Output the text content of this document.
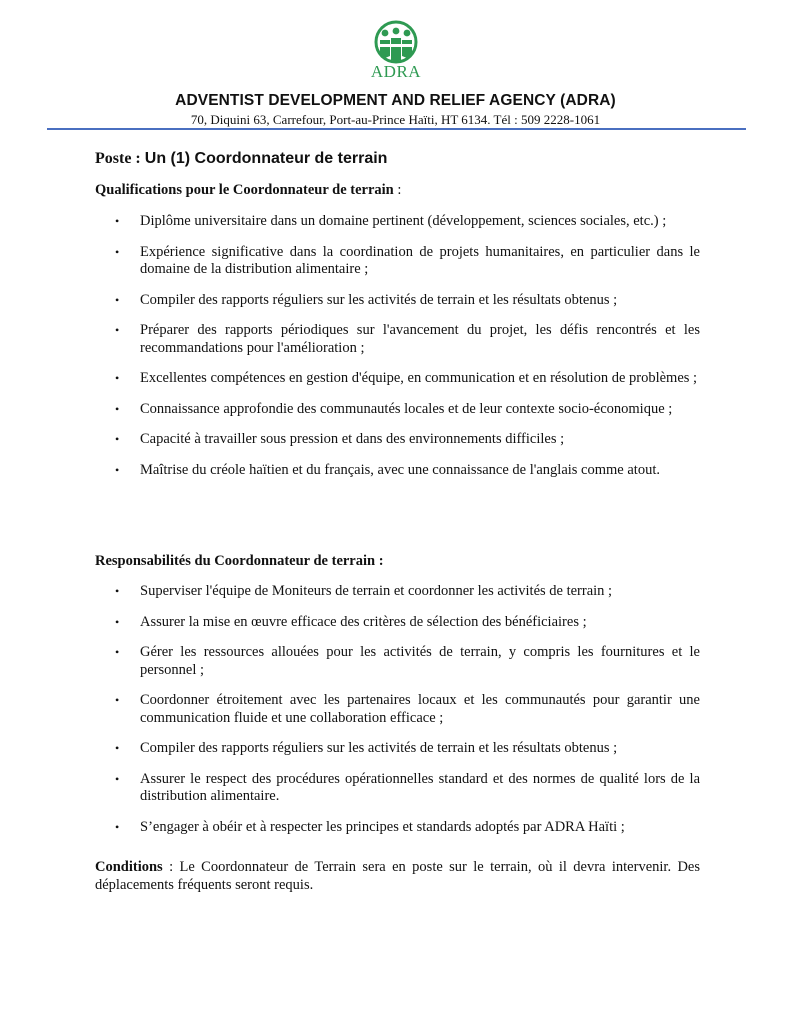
ADRA
ADVENTIST DEVELOPMENT AND RELIEF AGENCY (ADRA)
70, Diquini 63, Carrefour, Port-au-Prince Haïti, HT 6134. Tél : 509 2228-1061
Poste : Un (1) Coordonnateur de terrain
Qualifications pour le Coordonnateur de terrain :
• Diplôme universitaire dans un domaine pertinent (développement, sciences sociales, etc.) ;
• Expérience significative dans la coordination de projets humanitaires, en particulier dans le domaine de la distribution alimentaire ;
• Compiler des rapports réguliers sur les activités de terrain et les résultats obtenus ;
• Préparer des rapports périodiques sur l'avancement du projet, les défis rencontrés et les recommandations pour l'amélioration ;
• Excellentes compétences en gestion d'équipe, en communication et en résolution de problèmes ;
• Connaissance approfondie des communautés locales et de leur contexte socio-économique ;
• Capacité à travailler sous pression et dans des environnements difficiles ;
• Maîtrise du créole haïtien et du français, avec une connaissance de l'anglais comme atout.
Responsabilités du Coordonnateur de terrain :
• Superviser l'équipe de Moniteurs de terrain et coordonner les activités de terrain ;
• Assurer la mise en œuvre efficace des critères de sélection des bénéficiaires ;
• Gérer les ressources allouées pour les activités de terrain, y compris les fournitures et le personnel ;
• Coordonner étroitement avec les partenaires locaux et les communautés pour garantir une communication fluide et une collaboration efficace ;
• Compiler des rapports réguliers sur les activités de terrain et les résultats obtenus ;
• Assurer le respect des procédures opérationnelles standard et des normes de qualité lors de la distribution alimentaire.
• S’engager à obéir et à respecter les principes et standards adoptés par ADRA Haïti ;
Conditions : Le Coordonnateur de Terrain sera en poste sur le terrain, où il devra intervenir. Des déplacements fréquents seront requis.
